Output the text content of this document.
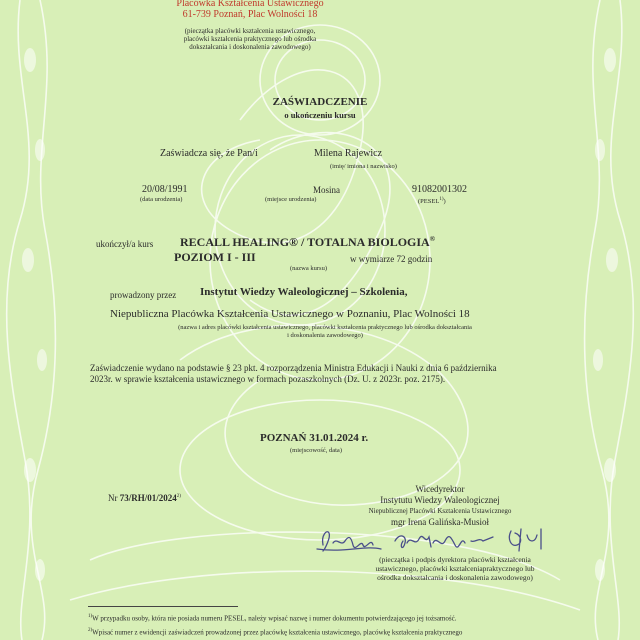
Placówka Kształcenia Ustawicznego
61-739 Poznań, Plac Wolności 18
(pieczątka placówki kształcenia ustawicznego,
placówki kształcenia praktycznego lub ośrodka
dokształcania i doskonalenia zawodowego)
ZAŚWIADCZENIE
o ukończeniu kursu
Zaświadcza się, że Pan/i	Milena Rajewicz
(imię/ imiona i nazwisko)
20/08/1991
(data urodzenia)
Mosina
(miejsce urodzenia)
91082001302
(PESEL$^{1)}$)
ukończył/a kurs RECALL HEALING® / TOTALNA BIOLOGIA®
POZIOM I - III	w wymiarze 72 godzin
(nazwa kursu)
prowadzony przez Instytut Wiedzy Waleologicznej – Szkolenia,
Niepubliczna Placówka Kształcenia Ustawicznego w Poznaniu, Plac Wolności 18
(nazwa i adres placówki kształcenia ustawicznego, placówki kształcenia praktycznego lub ośrodka dokształcania
i doskonalenia zawodowego)
Zaświadczenie wydano na podstawie § 23 pkt. 4 rozporządzenia Ministra Edukacji i Nauki z dnia 6 października
2023r. w sprawie kształcenia ustawicznego w formach pozaszkolnych (Dz. U. z 2023r. poz. 2175).
POZNAŃ 31.01.2024 r.
(miejscowość, data)
Nr 73/RH/01/2024$^{2)}$
Wicedyrektor
Instytutu Wiedzy Waleologicznej
Niepublicznej Placówki Kształcenia Ustawicznego
mgr Irena Galińska-Musioł
(pieczątka i podpis dyrektora placówki kształcenia
ustawicznego, placówki kształceniapraktycznego lub
ośrodka dokształcania i doskonalenia zawodowego)
$^{1)}$W przypadku osoby, która nie posiada numeru PESEL, należy wpisać nazwę i numer dokumentu potwierdzającego jej tożsamość.
$^{2)}$Wpisać numer z ewidencji zaświadczeń prowadzonej przez placówkę kształcenia ustawicznego, placówkę kształcenia praktycznego
